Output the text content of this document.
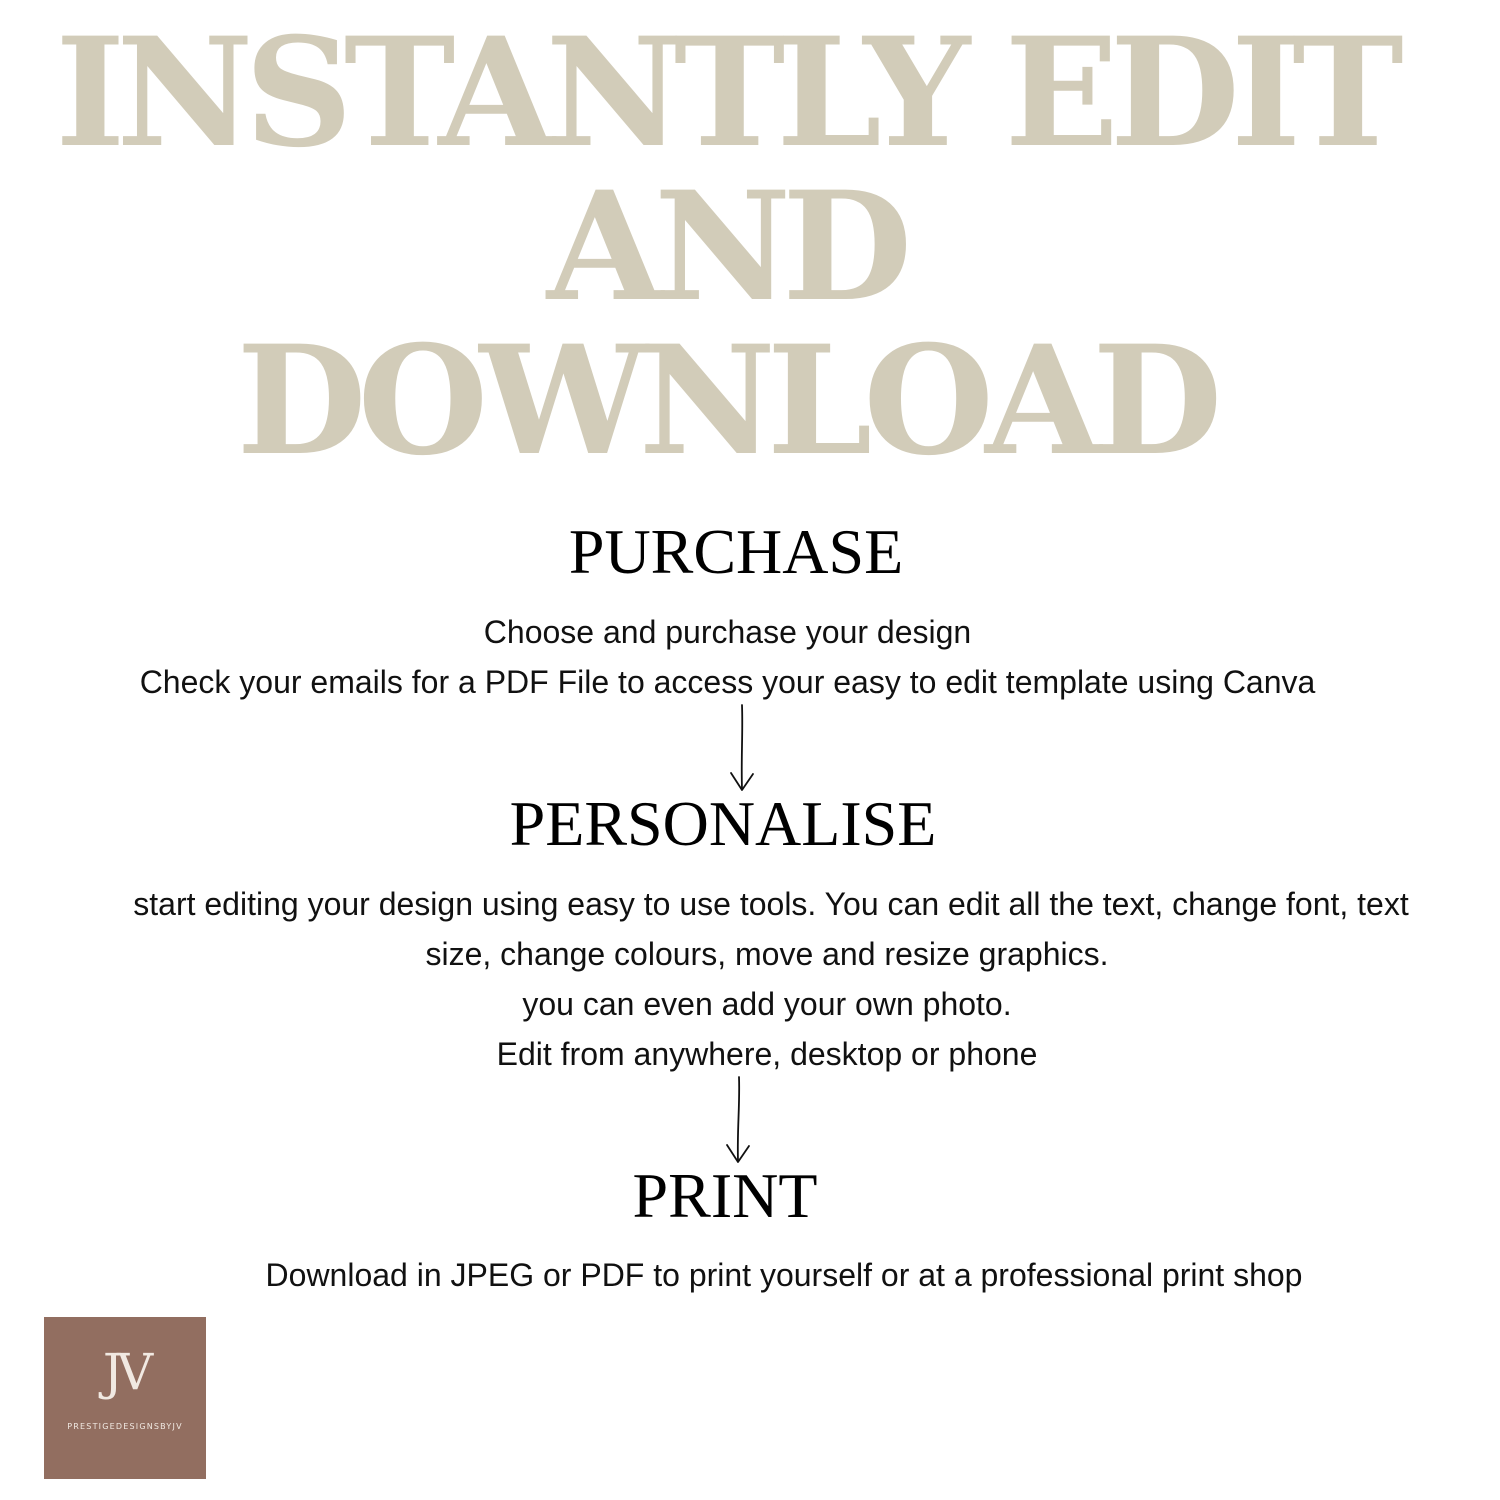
INSTANTLY EDIT
AND
DOWNLOAD
PURCHASE
Choose and purchase your design
Check your emails for a PDF File to access your easy to edit template using Canva
PERSONALISE
start editing your design using easy to use tools. You can edit all the text, change font, text
size, change colours, move and resize graphics.
you can even add your own photo.
Edit from anywhere, desktop or phone
PRINT
Download in JPEG or PDF to print yourself or at a professional print shop
JV
PRESTIGEDESIGNSBYJV
